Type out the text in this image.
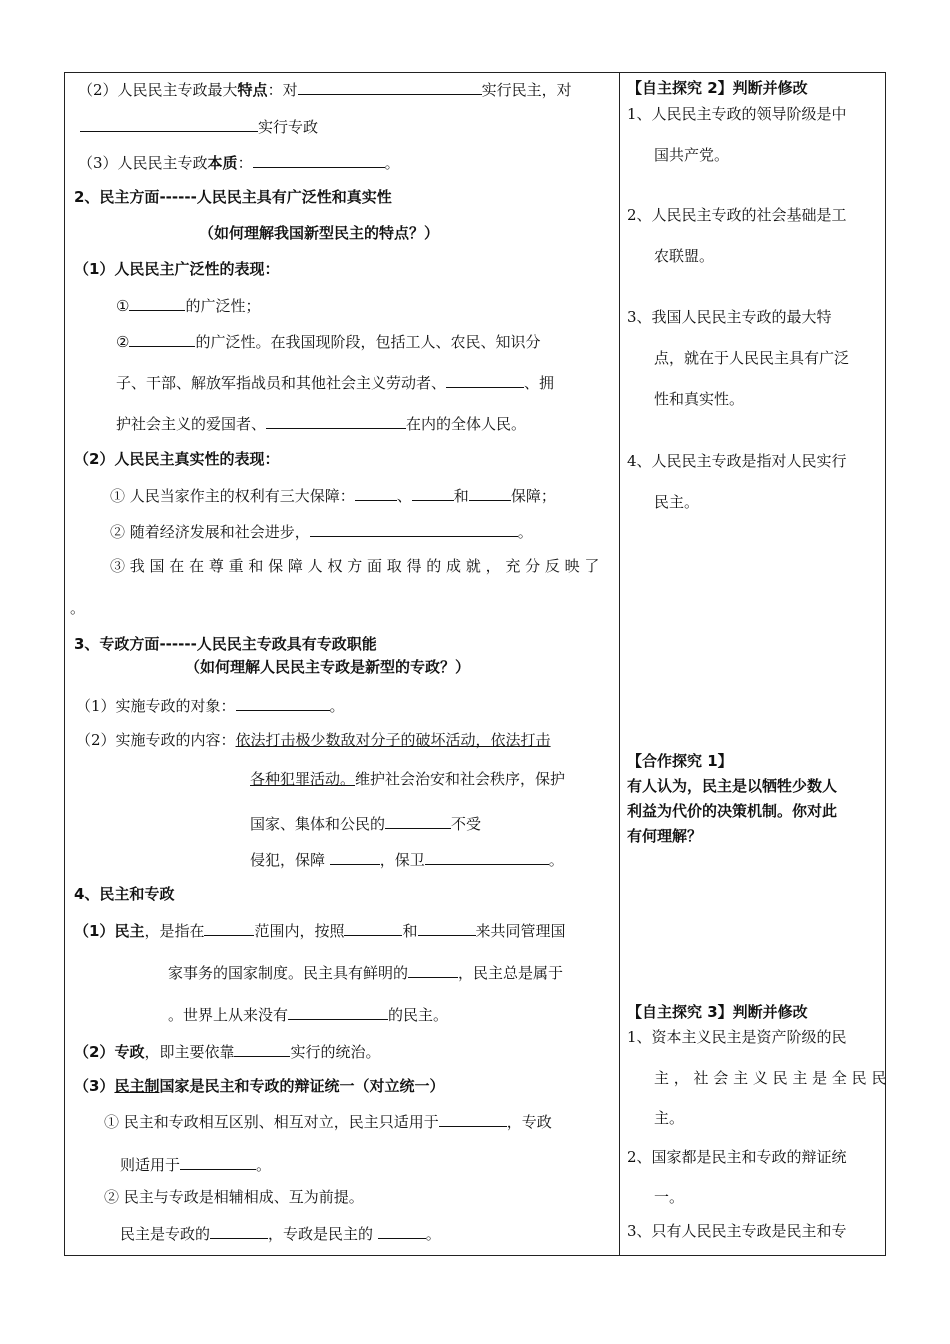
（2）人民民主专政最大特点：对	实行民主，对
实行专政
（3）人民民主专政本质：	。
2、民主方面------人民民主具有广泛性和真实性
（如何理解我国新型民主的特点？）
（1）人民民主广泛性的表现：
①	的广泛性；
②	的广泛性。在我国现阶段，包括工人、农民、知识分
子、干部、解放军指战员和其他社会主义劳动者、	、拥
护社会主义的爱国者、	在内的全体人民。
（2）人民民主真实性的表现：
① 人民当家作主的权利有三大保障：	、	和	保障；
② 随着经济发展和社会进步，	。
③ 我 国 在 在 尊 重 和 保 障 人 权 方 面 取 得 的 成 就 ， 充 分 反 映 了
。
3、专政方面------人民民主专政具有专政职能
（如何理解人民民主专政是新型的专政？）
（1）实施专政的对象：	。
（2）实施专政的内容：依法打击极少数敌对分子的破坏活动，依法打击
各种犯罪活动。维护社会治安和社会秩序，保护
国家、集体和公民的	不受
侵犯，保障	，保卫	。
4、民主和专政
（1）民主，是指在	范围内，按照	和	来共同管理国
家事务的国家制度。民主具有鲜明的	，民主总是属于
。世界上从来没有	的民主。
（2）专政，即主要依靠	实行的统治。
（3）民主制国家是民主和专政的辩证统一（对立统一）
① 民主和专政相互区别、相互对立，民主只适用于	，专政
则适用于	。
② 民主与专政是相辅相成、互为前提。
民主是专政的	，专政是民主的	。
【自主探究 2】判断并修改
1、人民民主专政的领导阶级是中
国共产党。
2、人民民主专政的社会基础是工
农联盟。
3、我国人民民主专政的最大特
点，就在于人民民主具有广泛
性和真实性。
4、人民民主专政是指对人民实行
民主。
【合作探究 1】
有人认为，民主是以牺牲少数人
利益为代价的决策机制。你对此
有何理解？
【自主探究 3】判断并修改
1、资本主义民主是资产阶级的民
主 ， 社 会 主 义 民 主 是 全 民 民
主。
2、国家都是民主和专政的辩证统
一。
3、只有人民民主专政是民主和专
